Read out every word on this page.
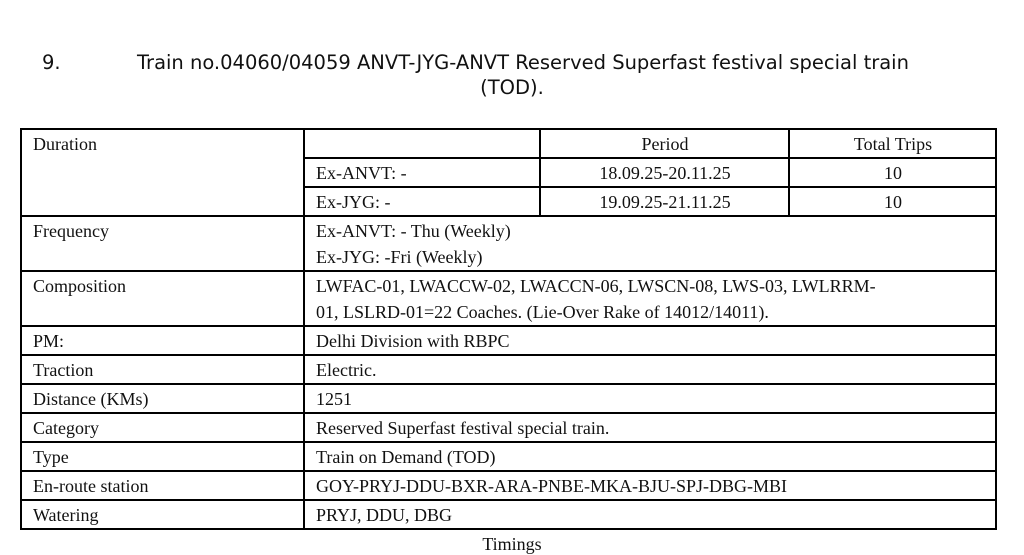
9.	Train no.04060/04059 ANVT-JYG-ANVT Reserved Superfast festival special train
(TOD).
Duration		Period	Total Trips
	Ex-ANVT: -	18.09.25-20.11.25	10
	Ex-JYG: -	19.09.25-21.11.25	10
Frequency	Ex-ANVT: - Thu (Weekly)
Ex-JYG: -Fri (Weekly)		

Composition	LWFAC-01, LWACCW-02, LWACCN-06, LWSCN-08, LWS-03, LWLRRM-
01, LSLRD-01=22 Coaches. (Lie-Over Rake of 14012/14011).		

PM:	Delhi Division with RBPC		
Traction	Electric.		
Distance (KMs)	1251		
Category	Reserved Superfast festival special train.		
Type	Train on Demand (TOD)		
En-route station	GOY-PRYJ-DDU-BXR-ARA-PNBE-MKA-BJU-SPJ-DBG-MBI		
Watering	PRYJ, DDU, DBG		
Timings
